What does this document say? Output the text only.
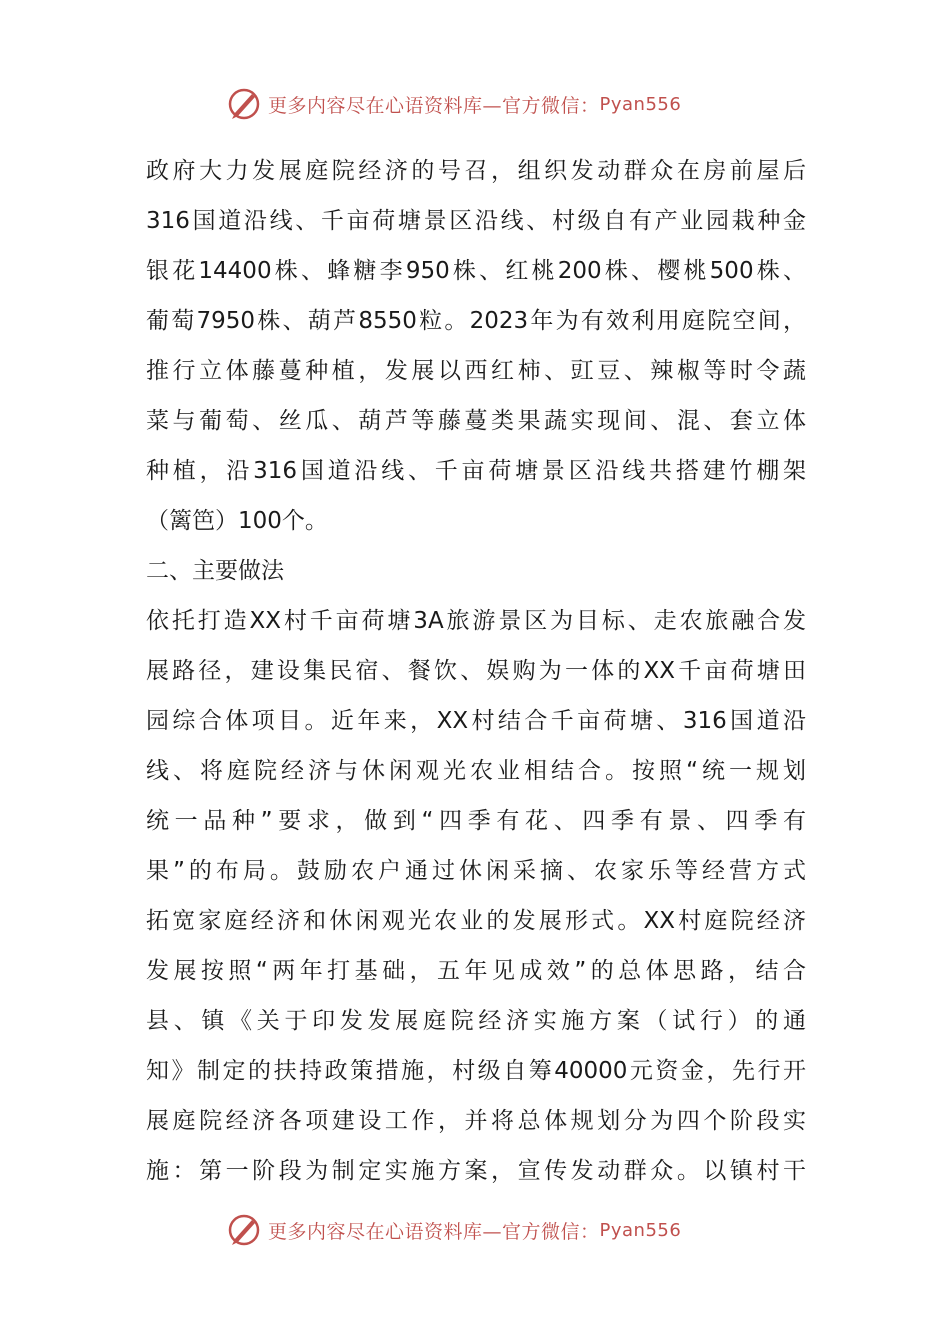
更多内容尽在心语资料库—官方微信： Pyan556
政府大力发展庭院经济的号召，组织发动群众在房前屋后
316国道沿线、千亩荷塘景区沿线、村级自有产业园栽种金
银花14400株、蜂糖李950株、红桃200株、樱桃500株、
葡萄7950株、葫芦8550粒。2023年为有效利用庭院空间，
推行立体藤蔓种植，发展以西红柿、豇豆、辣椒等时令蔬
菜与葡萄、丝瓜、葫芦等藤蔓类果蔬实现间、混、套立体
种植，沿316国道沿线、千亩荷塘景区沿线共搭建竹棚架
（篱笆）100个。
二、主要做法
依托打造XX村千亩荷塘3A旅游景区为目标、走农旅融合发
展路径，建设集民宿、餐饮、娱购为一体的XX千亩荷塘田
园综合体项目。近年来，XX村结合千亩荷塘、316国道沿
线、将庭院经济与休闲观光农业相结合。按照“统一规划
统一品种”要求，做到“四季有花、四季有景、四季有
果”的布局。鼓励农户通过休闲采摘、农家乐等经营方式
拓宽家庭经济和休闲观光农业的发展形式。XX村庭院经济
发展按照“两年打基础，五年见成效”的总体思路，结合
县、镇《关于印发发展庭院经济实施方案（试行）的通
知》制定的扶持政策措施，村级自筹40000元资金，先行开
展庭院经济各项建设工作，并将总体规划分为四个阶段实
施：第一阶段为制定实施方案，宣传发动群众。以镇村干
更多内容尽在心语资料库—官方微信： Pyan556
